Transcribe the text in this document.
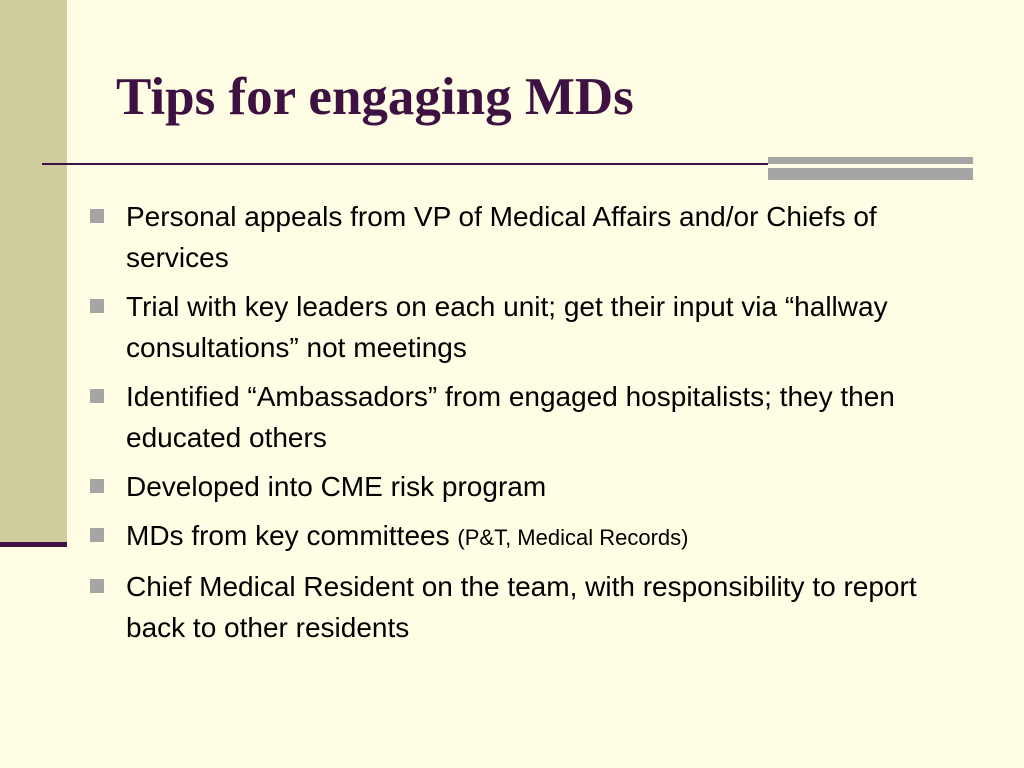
Tips for engaging MDs
Personal appeals from VP of Medical Affairs and/or Chiefs of services
Trial with key leaders on each unit; get their input via “hallway consultations” not meetings
Identified “Ambassadors” from engaged hospitalists; they then educated others
Developed into CME risk program
MDs from key committees (P&T, Medical Records)
Chief Medical Resident on the team, with responsibility to report back to other residents
